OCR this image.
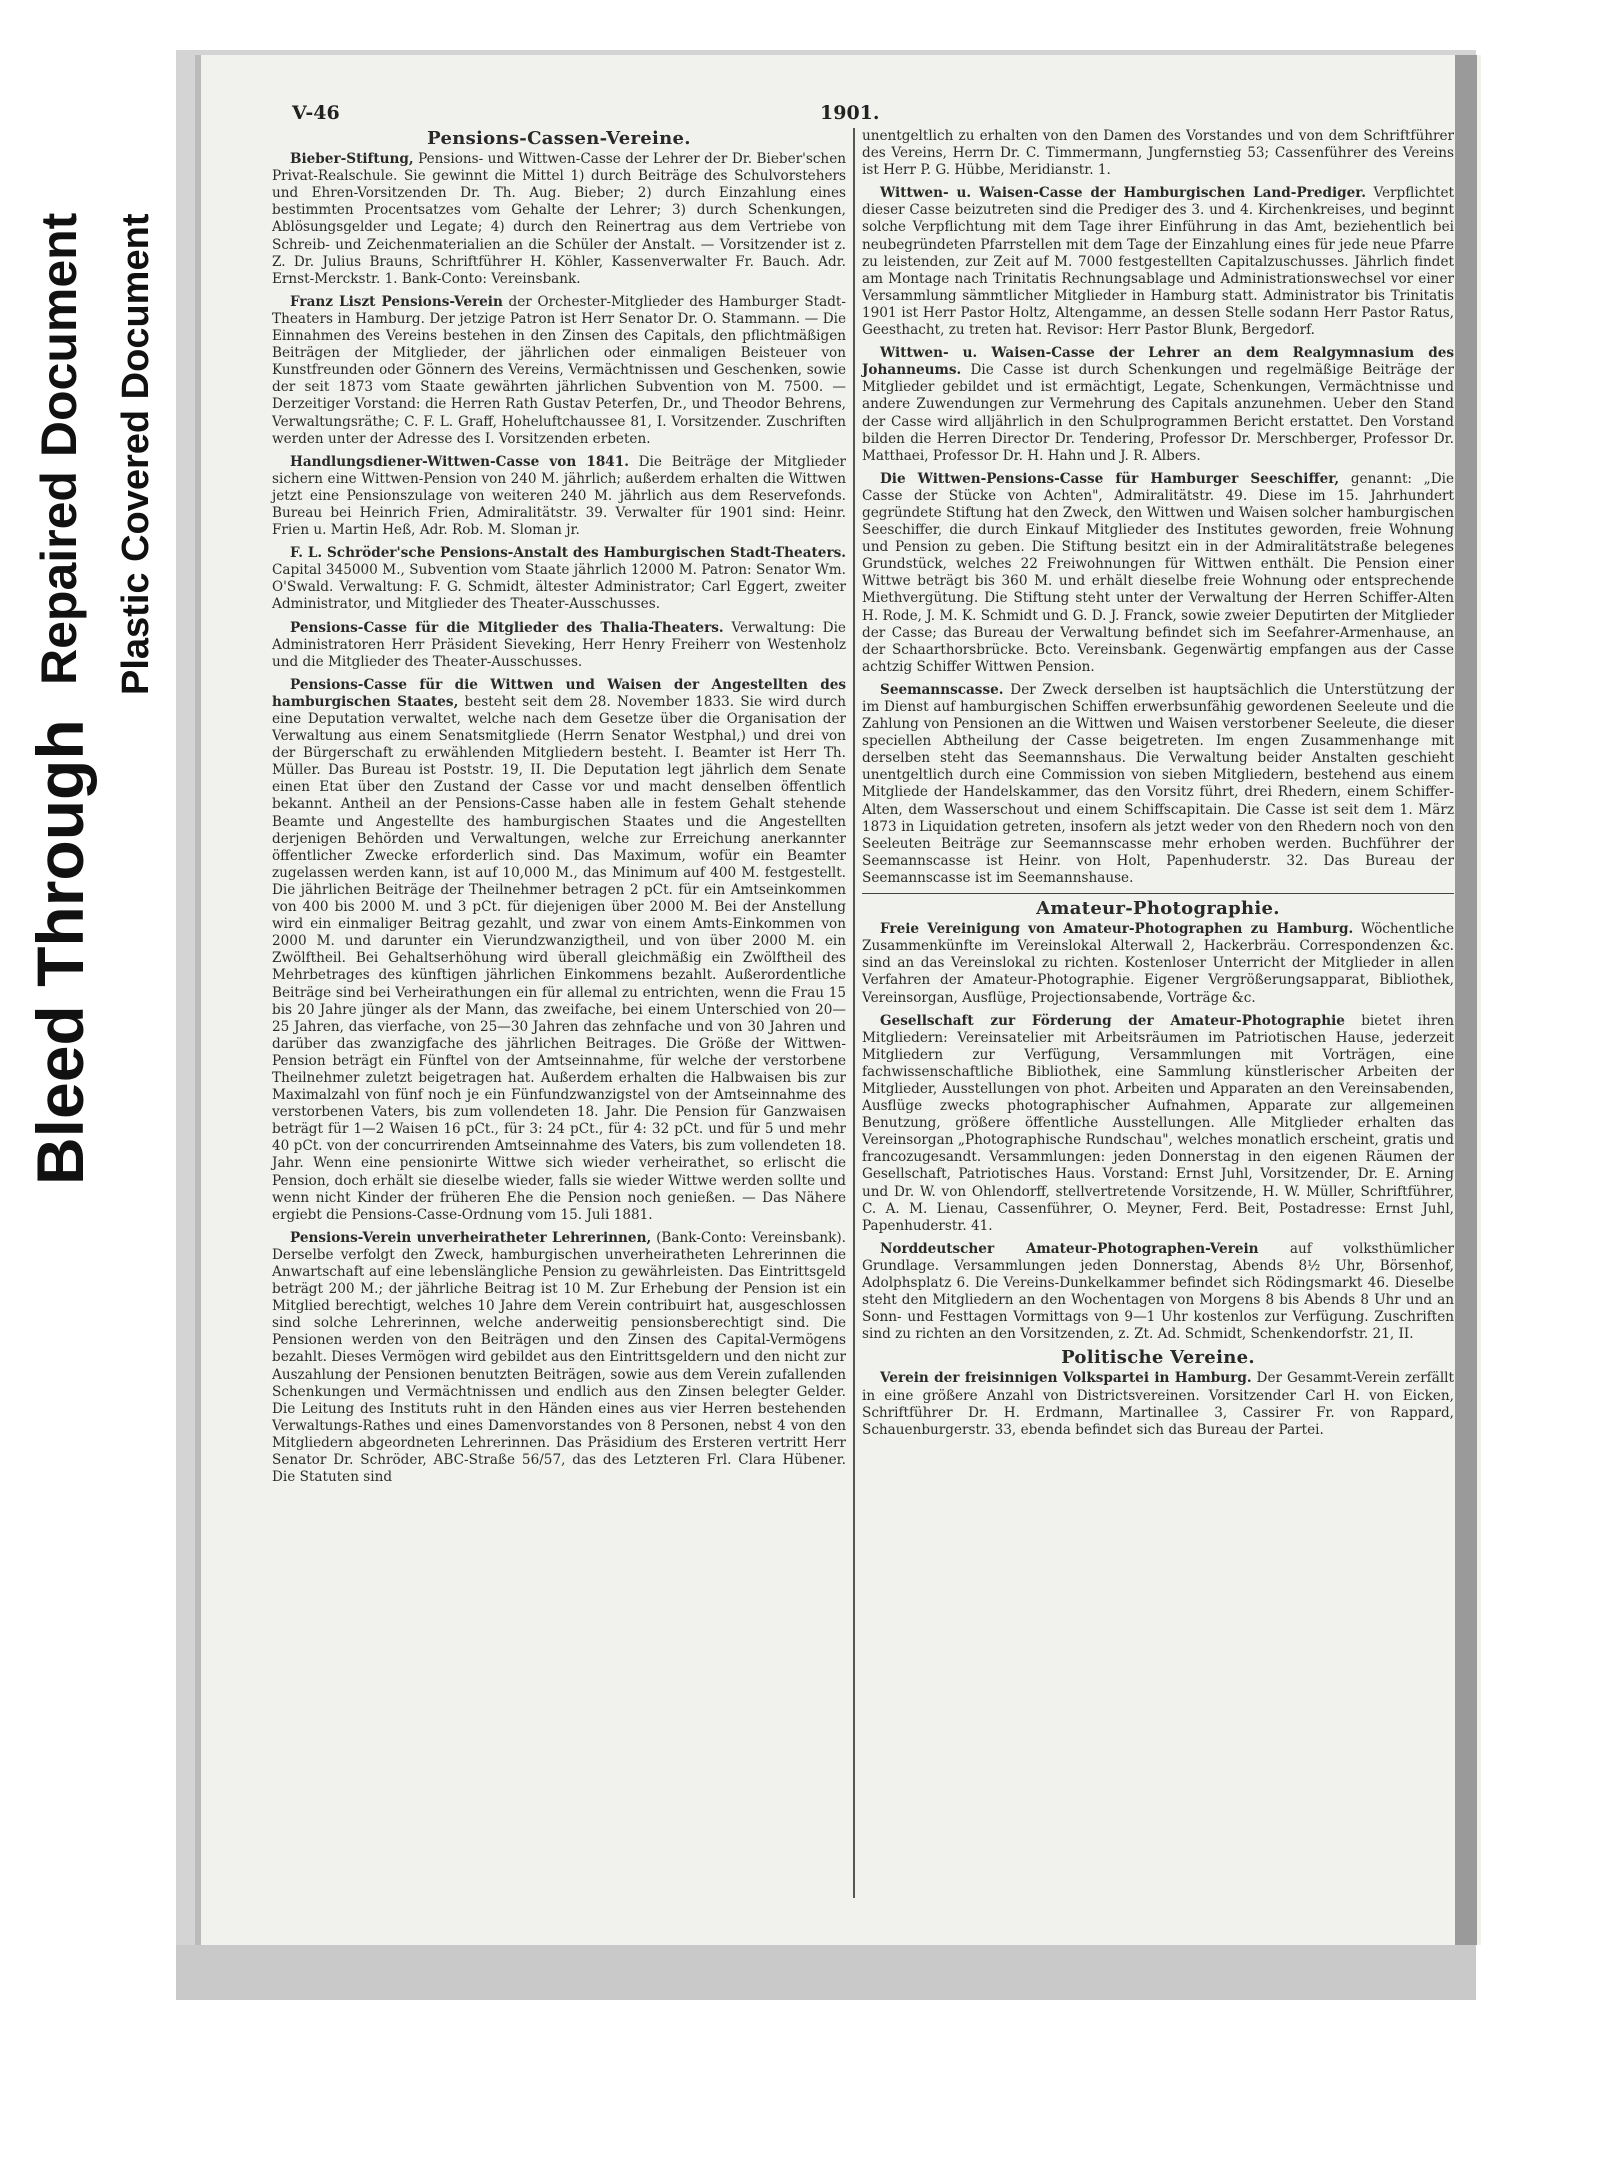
Bleed Through
Repaired Document Plastic Covered Document
V-46	1901.
Pensions-Cassen-Vereine.
Bieber-Stiftung, Pensions- und Wittwen-Casse der Lehrer der Dr. Bieber'schen Privat-Realschule. Sie gewinnt die Mittel 1) durch Beiträge des Schulvorstehers und Ehren-Vorsitzenden Dr. Th. Aug. Bieber; 2) durch Einzahlung eines bestimmten Procentsatzes vom Gehalte der Lehrer; 3) durch Schenkungen, Ablösungsgelder und Legate; 4) durch den Reinertrag aus dem Vertriebe von Schreib- und Zeichenmaterialien an die Schüler der Anstalt. — Vorsitzender ist z. Z. Dr. Julius Brauns, Schriftführer H. Köhler, Kassenverwalter Fr. Bauch. Adr. Ernst-Merckstr. 1. Bank-Conto: Vereinsbank.
Franz Liszt Pensions-Verein der Orchester-Mitglieder des Hamburger Stadt-Theaters in Hamburg. Der jetzige Patron ist Herr Senator Dr. O. Stammann. — Die Einnahmen des Vereins bestehen in den Zinsen des Capitals, den pflichtmäßigen Beiträgen der Mitglieder, der jährlichen oder einmaligen Beisteuer von Kunstfreunden oder Gönnern des Vereins, Vermächtnissen und Geschenken, sowie der seit 1873 vom Staate gewährten jährlichen Subvention von M. 7500. — Derzeitiger Vorstand: die Herren Rath Gustav Peterfen, Dr., und Theodor Behrens, Verwaltungsräthe; C. F. L. Graff, Hoheluftchaussee 81, I. Vorsitzender. Zuschriften werden unter der Adresse des I. Vorsitzenden erbeten.
Handlungsdiener-Wittwen-Casse von 1841. Die Beiträge der Mitglieder sichern eine Wittwen-Pension von 240 M. jährlich; außerdem erhalten die Wittwen jetzt eine Pensionszulage von weiteren 240 M. jährlich aus dem Reservefonds. Bureau bei Heinrich Frien, Admiralitätstr. 39. Verwalter für 1901 sind: Heinr. Frien u. Martin Heß, Adr. Rob. M. Sloman jr.
F. L. Schröder'sche Pensions-Anstalt des Hamburgischen Stadt-Theaters. Capital 345000 M., Subvention vom Staate jährlich 12000 M. Patron: Senator Wm. O'Swald. Verwaltung: F. G. Schmidt, ältester Administrator; Carl Eggert, zweiter Administrator, und Mitglieder des Theater-Ausschusses.
Pensions-Casse für die Mitglieder des Thalia-Theaters. Verwaltung: Die Administratoren Herr Präsident Sieveking, Herr Henry Freiherr von Westenholz und die Mitglieder des Theater-Ausschusses.
Pensions-Casse für die Wittwen und Waisen der Angestellten des hamburgischen Staates, besteht seit dem 28. November 1833. Sie wird durch eine Deputation verwaltet, welche nach dem Gesetze über die Organisation der Verwaltung aus einem Senatsmitgliede (Herrn Senator Westphal,) und drei von der Bürgerschaft zu erwählenden Mitgliedern besteht. I. Beamter ist Herr Th. Müller. Das Bureau ist Poststr. 19, II. Die Deputation legt jährlich dem Senate einen Etat über den Zustand der Casse vor und macht denselben öffentlich bekannt. Antheil an der Pensions-Casse haben alle in festem Gehalt stehende Beamte und Angestellte des hamburgischen Staates und die Angestellten derjenigen Behörden und Verwaltungen, welche zur Erreichung anerkannter öffentlicher Zwecke erforderlich sind. Das Maximum, wofür ein Beamter zugelassen werden kann, ist auf 10,000 M., das Minimum auf 400 M. festgestellt. Die jährlichen Beiträge der Theilnehmer betragen 2 pCt. für ein Amtseinkommen von 400 bis 2000 M. und 3 pCt. für diejenigen über 2000 M. Bei der Anstellung wird ein einmaliger Beitrag gezahlt, und zwar von einem Amts-Einkommen von 2000 M. und darunter ein Vierundzwanzigtheil, und von über 2000 M. ein Zwölftheil. Bei Gehaltserhöhung wird überall gleichmäßig ein Zwölftheil des Mehrbetrages des künftigen jährlichen Einkommens bezahlt. Außerordentliche Beiträge sind bei Verheirathungen ein für allemal zu entrichten, wenn die Frau 15 bis 20 Jahre jünger als der Mann, das zweifache, bei einem Unterschied von 20—25 Jahren, das vierfache, von 25—30 Jahren das zehnfache und von 30 Jahren und darüber das zwanzigfache des jährlichen Beitrages. Die Größe der Wittwen-Pension beträgt ein Fünftel von der Amtseinnahme, für welche der verstorbene Theilnehmer zuletzt beigetragen hat. Außerdem erhalten die Halbwaisen bis zur Maximalzahl von fünf noch je ein Fünfundzwanzigstel von der Amtseinnahme des verstorbenen Vaters, bis zum vollendeten 18. Jahr. Die Pension für Ganzwaisen beträgt für 1—2 Waisen 16 pCt., für 3: 24 pCt., für 4: 32 pCt. und für 5 und mehr 40 pCt. von der concurrirenden Amtseinnahme des Vaters, bis zum vollendeten 18. Jahr. Wenn eine pensionirte Wittwe sich wieder verheirathet, so erlischt die Pension, doch erhält sie dieselbe wieder, falls sie wieder Wittwe werden sollte und wenn nicht Kinder der früheren Ehe die Pension noch genießen. — Das Nähere ergiebt die Pensions-Casse-Ordnung vom 15. Juli 1881.
Pensions-Verein unverheiratheter Lehrerinnen, (Bank-Conto: Vereinsbank). Derselbe verfolgt den Zweck, hamburgischen unverheiratheten Lehrerinnen die Anwartschaft auf eine lebenslängliche Pension zu gewährleisten. Das Eintrittsgeld beträgt 200 M.; der jährliche Beitrag ist 10 M. Zur Erhebung der Pension ist ein Mitglied berechtigt, welches 10 Jahre dem Verein contribuirt hat, ausgeschlossen sind solche Lehrerinnen, welche anderweitig pensionsberechtigt sind. Die Pensionen werden von den Beiträgen und den Zinsen des Capital-Vermögens bezahlt. Dieses Vermögen wird gebildet aus den Eintrittsgeldern und den nicht zur Auszahlung der Pensionen benutzten Beiträgen, sowie aus dem Verein zufallenden Schenkungen und Vermächtnissen und endlich aus den Zinsen belegter Gelder. Die Leitung des Instituts ruht in den Händen eines aus vier Herren bestehenden Verwaltungs-Rathes und eines Damenvorstandes von 8 Personen, nebst 4 von den Mitgliedern abgeordneten Lehrerinnen. Das Präsidium des Ersteren vertritt Herr Senator Dr. Schröder, ABC-Straße 56/57, das des Letzteren Frl. Clara Hübener. Die Statuten sind
unentgeltlich zu erhalten von den Damen des Vorstandes und von dem Schriftführer des Vereins, Herrn Dr. C. Timmermann, Jungfernstieg 53; Cassenführer des Vereins ist Herr P. G. Hübbe, Meridianstr. 1.
Wittwen- u. Waisen-Casse der Hamburgischen Land-Prediger. Verpflichtet dieser Casse beizutreten sind die Prediger des 3. und 4. Kirchenkreises, und beginnt solche Verpflichtung mit dem Tage ihrer Einführung in das Amt, beziehentlich bei neubegründeten Pfarrstellen mit dem Tage der Einzahlung eines für jede neue Pfarre zu leistenden, zur Zeit auf M. 7000 festgestellten Capitalzuschusses. Jährlich findet am Montage nach Trinitatis Rechnungsablage und Administrationswechsel vor einer Versammlung sämmtlicher Mitglieder in Hamburg statt. Administrator bis Trinitatis 1901 ist Herr Pastor Holtz, Altengamme, an dessen Stelle sodann Herr Pastor Ratus, Geesthacht, zu treten hat. Revisor: Herr Pastor Blunk, Bergedorf.
Wittwen- u. Waisen-Casse der Lehrer an dem Realgymnasium des Johanneums. Die Casse ist durch Schenkungen und regelmäßige Beiträge der Mitglieder gebildet und ist ermächtigt, Legate, Schenkungen, Vermächtnisse und andere Zuwendungen zur Vermehrung des Capitals anzunehmen. Ueber den Stand der Casse wird alljährlich in den Schulprogrammen Bericht erstattet. Den Vorstand bilden die Herren Director Dr. Tendering, Professor Dr. Merschberger, Professor Dr. Matthaei, Professor Dr. H. Hahn und J. R. Albers.
Die Wittwen-Pensions-Casse für Hamburger Seeschiffer, genannt: „Die Casse der Stücke von Achten", Admiralitätstr. 49. Diese im 15. Jahrhundert gegründete Stiftung hat den Zweck, den Wittwen und Waisen solcher hamburgischen Seeschiffer, die durch Einkauf Mitglieder des Institutes geworden, freie Wohnung und Pension zu geben. Die Stiftung besitzt ein in der Admiralitätstraße belegenes Grundstück, welches 22 Freiwohnungen für Wittwen enthält. Die Pension einer Wittwe beträgt bis 360 M. und erhält dieselbe freie Wohnung oder entsprechende Miethvergütung. Die Stiftung steht unter der Verwaltung der Herren Schiffer-Alten H. Rode, J. M. K. Schmidt und G. D. J. Franck, sowie zweier Deputirten der Mitglieder der Casse; das Bureau der Verwaltung befindet sich im Seefahrer-Armenhause, an der Schaarthorsbrücke. Bcto. Vereinsbank. Gegenwärtig empfangen aus der Casse achtzig Schiffer Wittwen Pension.
Seemannscasse. Der Zweck derselben ist hauptsächlich die Unterstützung der im Dienst auf hamburgischen Schiffen erwerbsunfähig gewordenen Seeleute und die Zahlung von Pensionen an die Wittwen und Waisen verstorbener Seeleute, die dieser speciellen Abtheilung der Casse beigetreten. Im engen Zusammenhange mit derselben steht das Seemannshaus. Die Verwaltung beider Anstalten geschieht unentgeltlich durch eine Commission von sieben Mitgliedern, bestehend aus einem Mitgliede der Handelskammer, das den Vorsitz führt, drei Rhedern, einem Schiffer-Alten, dem Wasserschout und einem Schiffscapitain. Die Casse ist seit dem 1. März 1873 in Liquidation getreten, insofern als jetzt weder von den Rhedern noch von den Seeleuten Beiträge zur Seemannscasse mehr erhoben werden. Buchführer der Seemannscasse ist Heinr. von Holt, Papenhuderstr. 32. Das Bureau der Seemannscasse ist im Seemannshause.
Amateur-Photographie.
Freie Vereinigung von Amateur-Photographen zu Hamburg. Wöchentliche Zusammenkünfte im Vereinslokal Alterwall 2, Hackerbräu. Correspondenzen &c. sind an das Vereinslokal zu richten. Kostenloser Unterricht der Mitglieder in allen Verfahren der Amateur-Photographie. Eigener Vergrößerungsapparat, Bibliothek, Vereinsorgan, Ausflüge, Projectionsabende, Vorträge &c.
Gesellschaft zur Förderung der Amateur-Photographie bietet ihren Mitgliedern: Vereinsatelier mit Arbeitsräumen im Patriotischen Hause, jederzeit Mitgliedern zur Verfügung, Versammlungen mit Vorträgen, eine fachwissenschaftliche Bibliothek, eine Sammlung künstlerischer Arbeiten der Mitglieder, Ausstellungen von phot. Arbeiten und Apparaten an den Vereinsabenden, Ausflüge zwecks photographischer Aufnahmen, Apparate zur allgemeinen Benutzung, größere öffentliche Ausstellungen. Alle Mitglieder erhalten das Vereinsorgan „Photographische Rundschau", welches monatlich erscheint, gratis und francozugesandt. Versammlungen: jeden Donnerstag in den eigenen Räumen der Gesellschaft, Patriotisches Haus. Vorstand: Ernst Juhl, Vorsitzender, Dr. E. Arning und Dr. W. von Ohlendorff, stellvertretende Vorsitzende, H. W. Müller, Schriftführer, C. A. M. Lienau, Cassenführer, O. Meyner, Ferd. Beit, Postadresse: Ernst Juhl, Papenhuderstr. 41.
Norddeutscher Amateur-Photographen-Verein auf volksthümlicher Grundlage. Versammlungen jeden Donnerstag, Abends 8½ Uhr, Börsenhof, Adolphsplatz 6. Die Vereins-Dunkelkammer befindet sich Rödingsmarkt 46. Dieselbe steht den Mitgliedern an den Wochentagen von Morgens 8 bis Abends 8 Uhr und an Sonn- und Festtagen Vormittags von 9—1 Uhr kostenlos zur Verfügung. Zuschriften sind zu richten an den Vorsitzenden, z. Zt. Ad. Schmidt, Schenkendorfstr. 21, II.
Politische Vereine.
Verein der freisinnigen Volkspartei in Hamburg. Der Gesammt-Verein zerfällt in eine größere Anzahl von Districtsvereinen. Vorsitzender Carl H. von Eicken, Schriftführer Dr. H. Erdmann, Martinallee 3, Cassirer Fr. von Rappard, Schauenburgerstr. 33, ebenda befindet sich das Bureau der Partei.
